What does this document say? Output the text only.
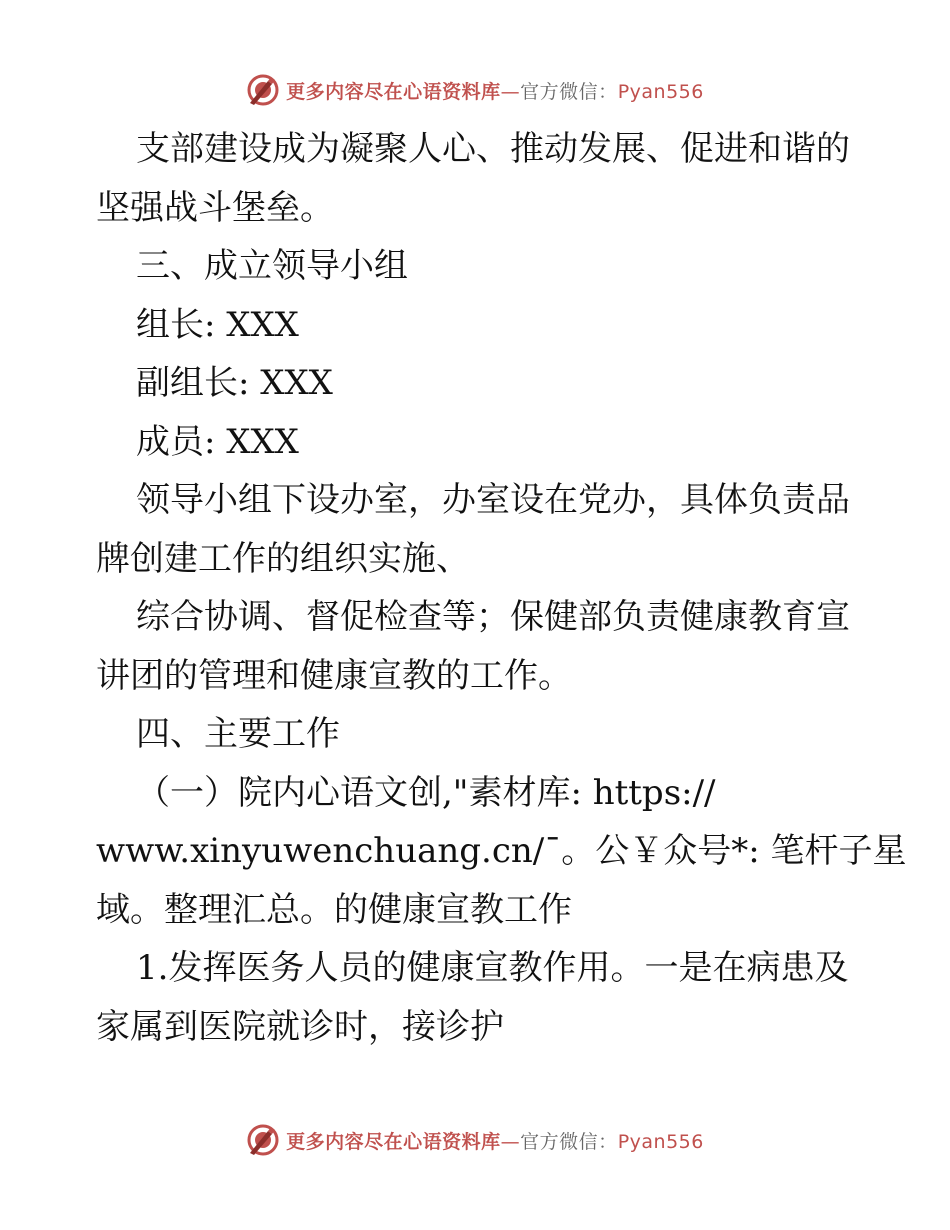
更多内容尽在心语资料库—官方微信：Pyan556
支部建设成为凝聚人心、推动发展、促进和谐的
坚强战斗堡垒。
三、成立领导小组
组长: XXX
副组长: XXX
成员: XXX
领导小组下设办室，办室设在党办，具体负责品
牌创建工作的组织实施、
综合协调、督促检查等；保健部负责健康教育宣
讲团的管理和健康宣教的工作。
四、主要工作
（一）院内心语文创,"素材库: https://
www.xinyuwenchuang.cn/¯。公￥众号*: 笔杆子星
域。整理汇总。的健康宣教工作
1.发挥医务人员的健康宣教作用。一是在病患及
家属到医院就诊时，接诊护
更多内容尽在心语资料库—官方微信：Pyan556
